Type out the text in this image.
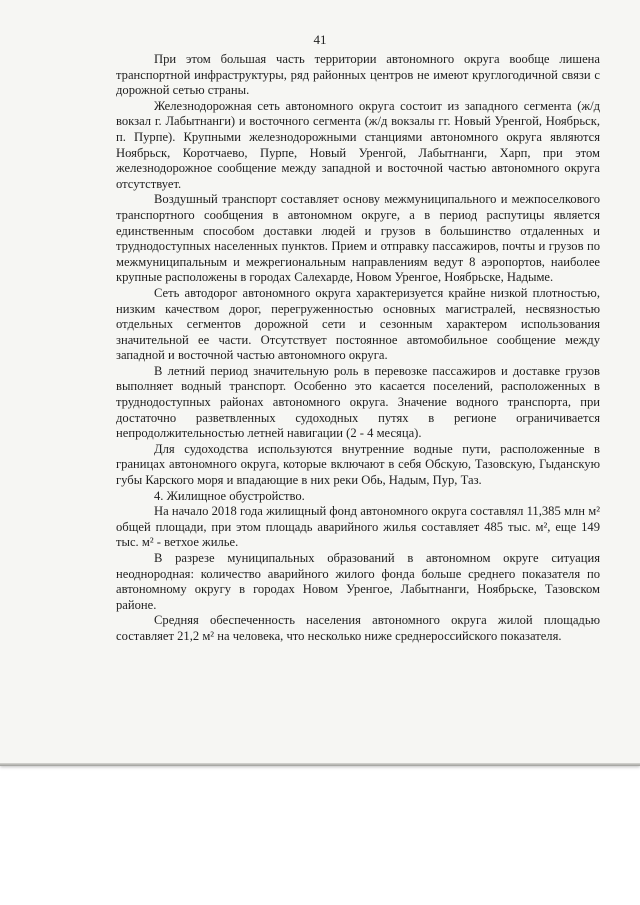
41

При этом большая часть территории автономного округа вообще лишена транспортной инфраструктуры, ряд районных центров не имеют круглогодичной связи с дорожной сетью страны.

Железнодорожная сеть автономного округа состоит из западного сегмента (ж/д вокзал г. Лабытнанги) и восточного сегмента (ж/д вокзалы гг. Новый Уренгой, Ноябрьск, п. Пурпе). Крупными железнодорожными станциями автономного округа являются Ноябрьск, Коротчаево, Пурпе, Новый Уренгой, Лабытнанги, Харп, при этом железнодорожное сообщение между западной и восточной частью автономного округа отсутствует.

Воздушный транспорт составляет основу межмуниципального и межпоселкового транспортного сообщения в автономном округе, а в период распутицы является единственным способом доставки людей и грузов в большинство отдаленных и труднодоступных населенных пунктов. Прием и отправку пассажиров, почты и грузов по межмуниципальным и межрегиональным направлениям ведут 8 аэропортов, наиболее крупные расположены в городах Салехарде, Новом Уренгое, Ноябрьске, Надыме.

Сеть автодорог автономного округа характеризуется крайне низкой плотностью, низким качеством дорог, перегруженностью основных магистралей, несвязностью отдельных сегментов дорожной сети и сезонным характером использования значительной ее части. Отсутствует постоянное автомобильное сообщение между западной и восточной частью автономного округа.

В летний период значительную роль в перевозке пассажиров и доставке грузов выполняет водный транспорт. Особенно это касается поселений, расположенных в труднодоступных районах автономного округа. Значение водного транспорта, при достаточно разветвленных судоходных путях в регионе ограничивается непродолжительностью летней навигации (2 - 4 месяца).

Для судоходства используются внутренние водные пути, расположенные в границах автономного округа, которые включают в себя Обскую, Тазовскую, Гыданскую губы Карского моря и впадающие в них реки Обь, Надым, Пур, Таз.

4. Жилищное обустройство.

На начало 2018 года жилищный фонд автономного округа составлял 11,385 млн м² общей площади, при этом площадь аварийного жилья составляет 485 тыс. м², еще 149 тыс. м² - ветхое жилье.

В разрезе муниципальных образований в автономном округе ситуация неоднородная: количество аварийного жилого фонда больше среднего показателя по автономному округу в городах Новом Уренгое, Лабытнанги, Ноябрьске, Тазовском районе.

Средняя обеспеченность населения автономного округа жилой площадью составляет 21,2 м² на человека, что несколько ниже среднероссийского показателя.
